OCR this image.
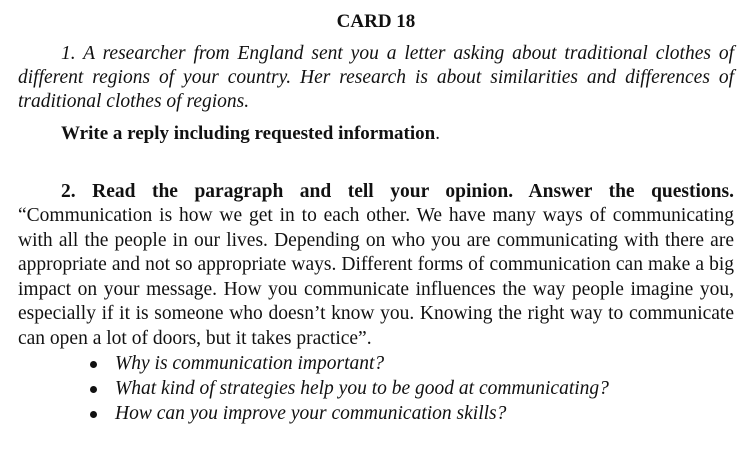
CARD 18

1. A researcher from England sent you a letter asking about traditional clothes of different regions of your country. Her research is about similarities and differences of traditional clothes of regions.

Write a reply including requested information.

2. Read the paragraph and tell your opinion. Answer the questions.

“Communication is how we get in to each other. We have many ways of communicating with all the people in our lives. Depending on who you are communicating with there are appropriate and not so appropriate ways. Different forms of communication can make a big impact on your message. How you communicate influences the way people imagine you, especially if it is someone who doesn’t know you. Knowing the right way to communicate can open a lot of doors, but it takes practice”.

Why is communication important?
What kind of strategies help you to be good at communicating?
How can you improve your communication skills?
